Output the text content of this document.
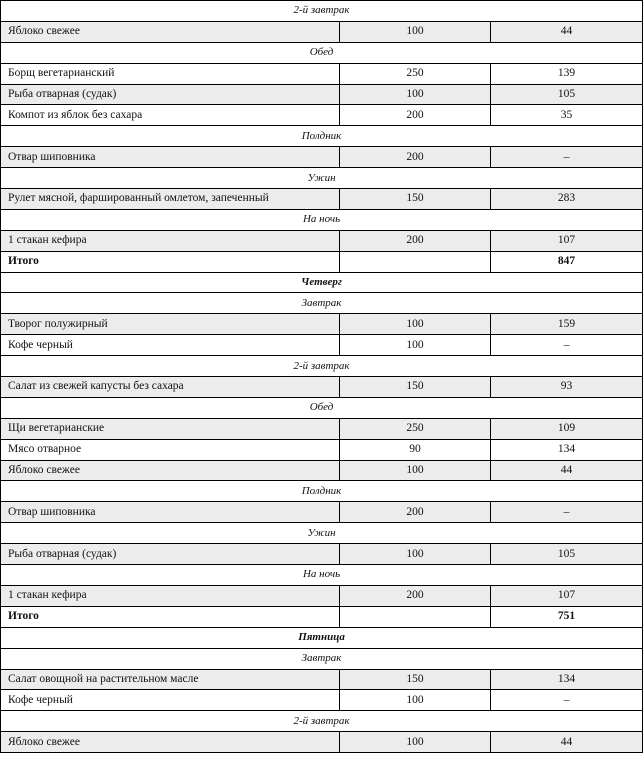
2-й завтрак		
Яблоко свежее	100	44
Обед		
Борщ вегетарианский	250	139
Рыба отварная (судак)	100	105
Компот из яблок без сахара	200	35
Полдник		
Отвар шиповника	200	–
Ужин		
Рулет мясной, фаршированный омлетом, запеченный	150	283
На ночь		
1 стакан кефира	200	107
Итого		847
Четверг		
Завтрак		
Творог полужирный	100	159
Кофе черный	100	–
2-й завтрак		
Салат из свежей капусты без сахара	150	93
Обед		
Щи вегетарианские	250	109
Мясо отварное	90	134
Яблоко свежее	100	44
Полдник		
Отвар шиповника	200	–
Ужин		
Рыба отварная (судак)	100	105
На ночь		
1 стакан кефира	200	107
Итого		751
Пятница		
Завтрак		
Салат овощной на растительном масле	150	134
Кофе черный	100	–
2-й завтрак		
Яблоко свежее	100	44
